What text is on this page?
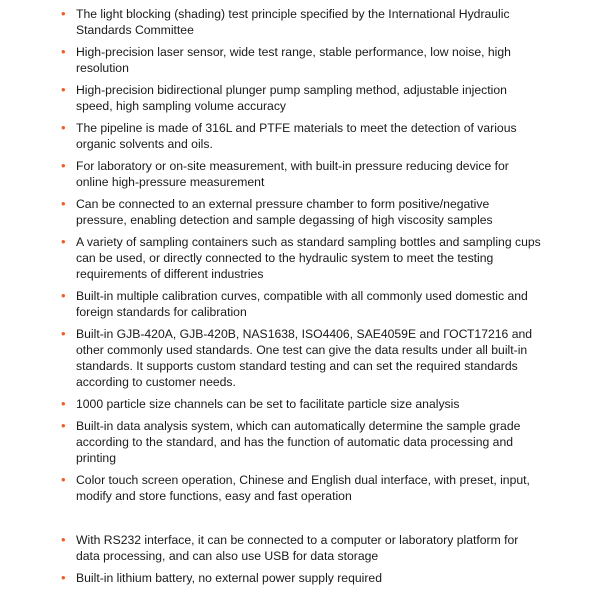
• The light blocking (shading) test principle specified by the International Hydraulic Standards Committee
• High-precision laser sensor, wide test range, stable performance, low noise, high resolution
• High-precision bidirectional plunger pump sampling method, adjustable injection speed, high sampling volume accuracy
• The pipeline is made of 316L and PTFE materials to meet the detection of various organic solvents and oils.
• For laboratory or on-site measurement, with built-in pressure reducing device for online high-pressure measurement
• Can be connected to an external pressure chamber to form positive/negative pressure, enabling detection and sample degassing of high viscosity samples
• A variety of sampling containers such as standard sampling bottles and sampling cups can be used, or directly connected to the hydraulic system to meet the testing requirements of different industries
• Built-in multiple calibration curves, compatible with all commonly used domestic and foreign standards for calibration
• Built-in GJB-420A, GJB-420B, NAS1638, ISO4406, SAE4059E and ГОСТ17216 and other commonly used standards. One test can give the data results under all built-in standards. It supports custom standard testing and can set the required standards according to customer needs.
• 1000 particle size channels can be set to facilitate particle size analysis
• Built-in data analysis system, which can automatically determine the sample grade according to the standard, and has the function of automatic data processing and printing
• Color touch screen operation, Chinese and English dual interface, with preset, input, modify and store functions, easy and fast operation
• With RS232 interface, it can be connected to a computer or laboratory platform for data processing, and can also use USB for data storage
• Built-in lithium battery, no external power supply required
